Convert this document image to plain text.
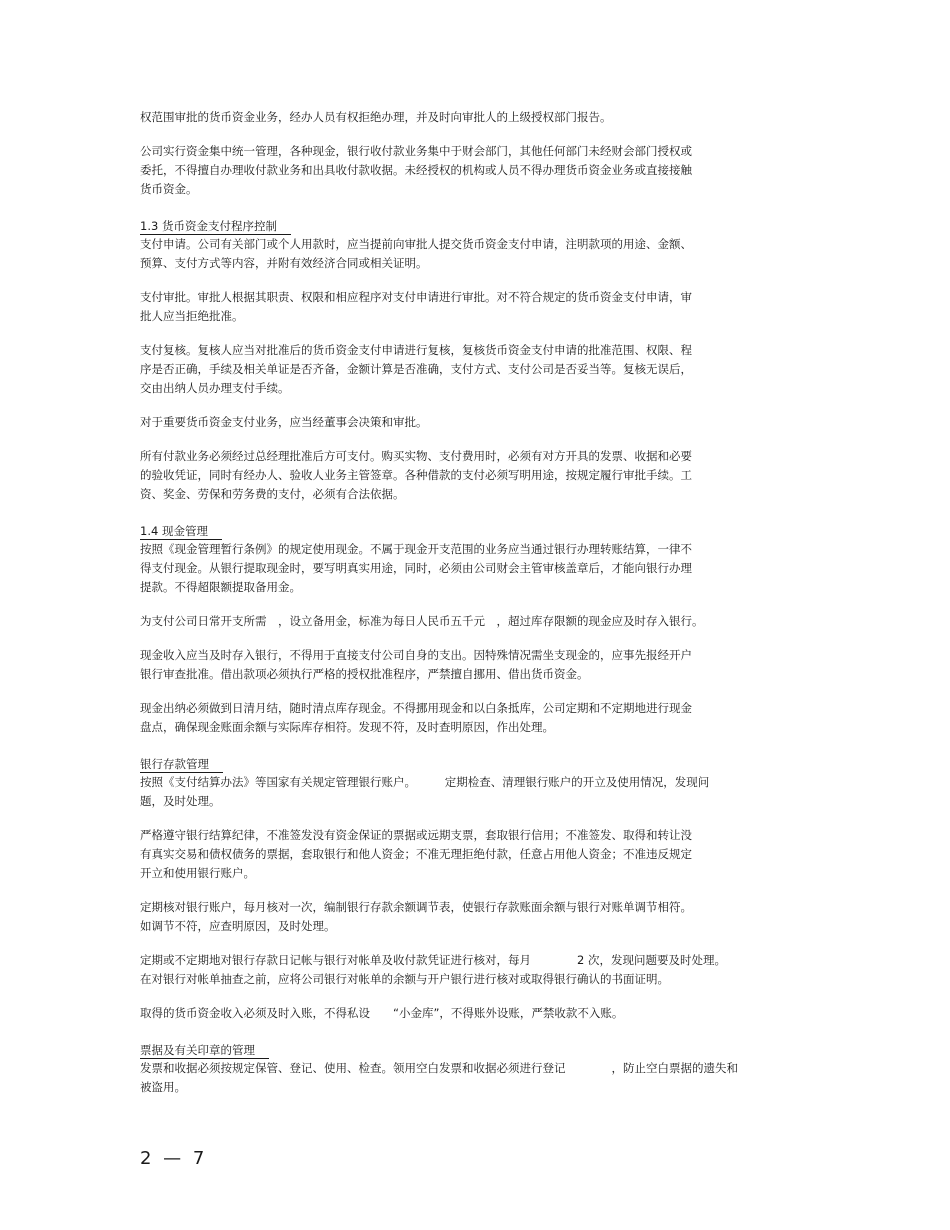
权范围审批的货币资金业务，经办人员有权拒绝办理，并及时向审批人的上级授权部门报告。
公司实行资金集中统一管理，各种现金，银行收付款业务集中于财会部门，其他任何部门未经财会部门授权或
委托，不得擅自办理收付款业务和出具收付款收据。未经授权的机构或人员不得办理货币资金业务或直接接触
货币资金。
1.3 货币资金支付程序控制
支付申请。公司有关部门或个人用款时，应当提前向审批人提交货币资金支付申请，注明款项的用途、金额、
预算、支付方式等内容，并附有效经济合同或相关证明。
支付审批。审批人根据其职责、权限和相应程序对支付申请进行审批。对不符合规定的货币资金支付申请，审
批人应当拒绝批准。
支付复核。复核人应当对批准后的货币资金支付申请进行复核，复核货币资金支付申请的批准范围、权限、程
序是否正确，手续及相关单证是否齐备，金额计算是否准确，支付方式、支付公司是否妥当等。复核无误后，
交由出纳人员办理支付手续。
对于重要货币资金支付业务，应当经董事会决策和审批。
所有付款业务必须经过总经理批准后方可支付。购买实物、支付费用时，必须有对方开具的发票、收据和必要
的验收凭证，同时有经办人、验收人业务主管签章。各种借款的支付必须写明用途，按规定履行审批手续。工
资、奖金、劳保和劳务费的支付，必须有合法依据。
1.4 现金管理
按照《现金管理暂行条例》的规定使用现金。不属于现金开支范围的业务应当通过银行办理转账结算，一律不
得支付现金。从银行提取现金时，要写明真实用途，同时，必须由公司财会主管审核盖章后，才能向银行办理
提款。不得超限额提取备用金。
为支付公司日常开支所需　，设立备用金，标准为每日人民币五千元　，超过库存限额的现金应及时存入银行。
现金收入应当及时存入银行，不得用于直接支付公司自身的支出。因特殊情况需坐支现金的，应事先报经开户
银行审查批准。借出款项必须执行严格的授权批准程序，严禁擅自挪用、借出货币资金。
现金出纳必须做到日清月结，随时清点库存现金。不得挪用现金和以白条抵库，公司定期和不定期地进行现金
盘点，确保现金账面余额与实际库存相符。发现不符，及时查明原因，作出处理。
银行存款管理
按照《支付结算办法》等国家有关规定管理银行账户。　　　定期检查、清理银行账户的开立及使用情况，发现问
题，及时处理。
严格遵守银行结算纪律，不准签发没有资金保证的票据或远期支票，套取银行信用；不准签发、取得和转让没
有真实交易和债权债务的票据，套取银行和他人资金；不准无理拒绝付款，任意占用他人资金；不准违反规定
开立和使用银行账户。
定期核对银行账户，每月核对一次，编制银行存款余额调节表，使银行存款账面余额与银行对账单调节相符。
如调节不符，应查明原因，及时处理。
定期或不定期地对银行存款日记帐与银行对帐单及收付款凭证进行核对，每月　　　　2 次，发现问题要及时处理。
在对银行对帐单抽查之前，应将公司银行对帐单的余额与开户银行进行核对或取得银行确认的书面证明。
取得的货币资金收入必须及时入账，不得私设　　“小金库”，不得账外设账，严禁收款不入账。
票据及有关印章的管理
发票和收据必须按规定保管、登记、使用、检查。领用空白发票和收据必须进行登记　　　　，防止空白票据的遗失和
被盗用。
2 — 7
